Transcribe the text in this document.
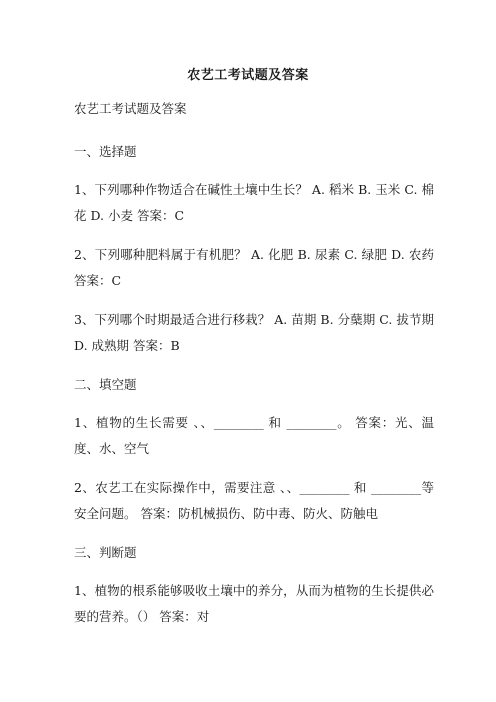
农艺工考试题及答案
农艺工考试题及答案
一、选择题
1、下列哪种作物适合在碱性土壤中生长？ A. 稻米 B. 玉米 C. 棉花 D. 小麦 答案：C
2、下列哪种肥料属于有机肥？ A. 化肥 B. 尿素 C. 绿肥 D. 农药 答案：C
3、下列哪个时期最适合进行移栽？ A. 苗期 B. 分蘖期 C. 拔节期 D. 成熟期 答案：B
二、填空题
1、植物的生长需要 、、________ 和 ________。 答案：光、温度、水、空气
2、农艺工在实际操作中，需要注意 、、________ 和 ________等安全问题。 答案：防机械损伤、防中毒、防火、防触电
三、判断题
1、植物的根系能够吸收土壤中的养分，从而为植物的生长提供必要的营养。（） 答案：对
